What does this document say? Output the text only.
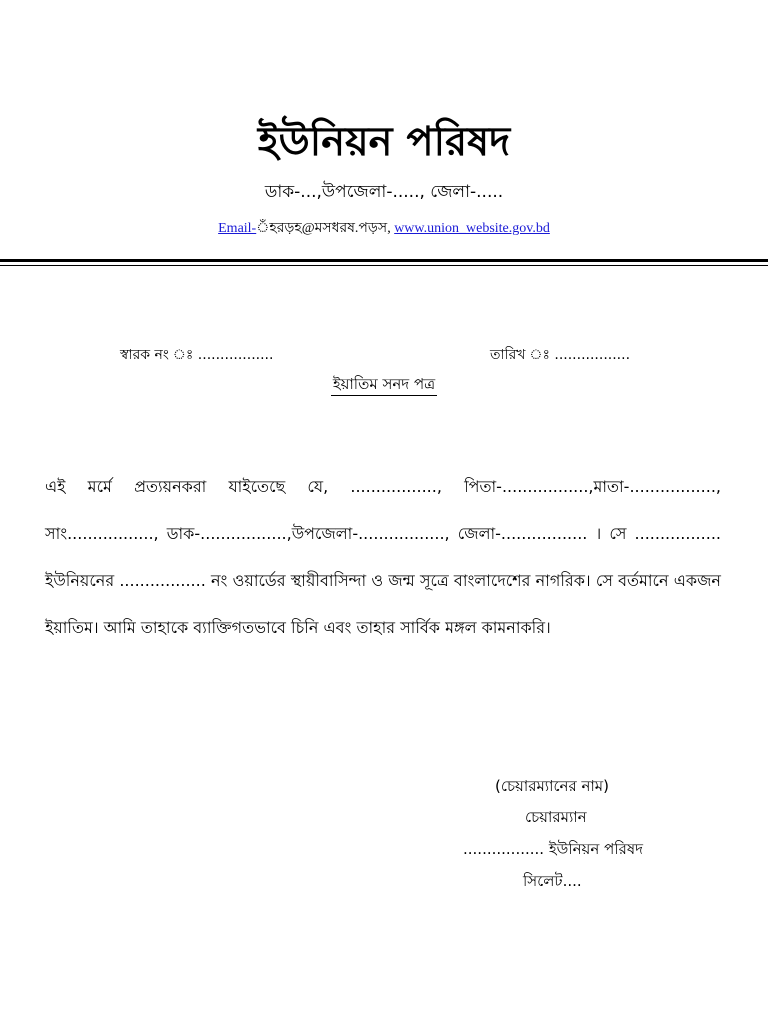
ইউনিয়ন পরিষদ
ডাক-...,উপজেলা-....., জেলা-.....
Email-ঁহরড়হ@মসধরষ.পড়স, www.union_website.gov.bd
স্বারক নং ঃ .................	তারিখ ঃ .................
ইয়াতিম সনদ পত্র
এই মর্মে প্রত্যয়নকরা যাইতেছে যে, ................., পিতা-.................,মাতা-................., সাং................., ডাক-.................,উপজেলা-................., জেলা-................. । সে ................. ইউনিয়নের ................. নং ওয়ার্ডের স্থায়ীবাসিন্দা ও জন্ম সূত্রে বাংলাদেশের নাগরিক। সে বর্তমানে একজন ইয়াতিম। আমি তাহাকে ব্যাক্তিগতভাবে চিনি এবং তাহার সার্বিক মঙ্গল কামনাকরি।
(চেয়ারম্যানের নাম)
চেয়ারম্যান
................. ইউনিয়ন পরিষদ
সিলেট....
